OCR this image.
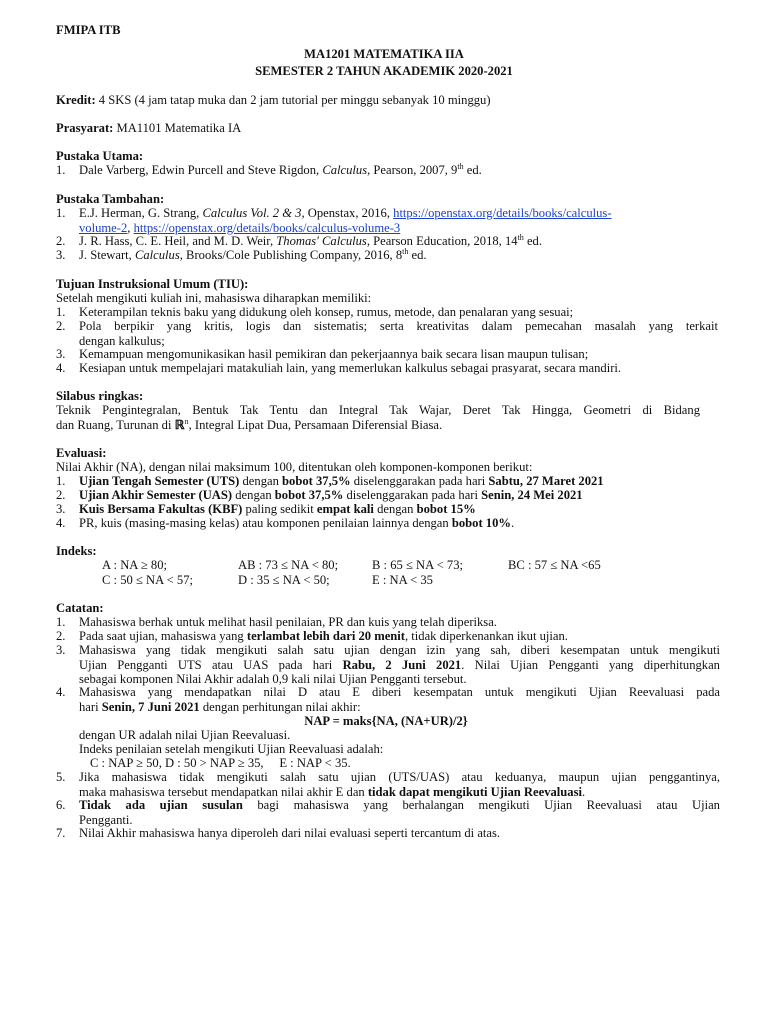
FMIPA ITB
MA1201 MATEMATIKA IIA
SEMESTER 2 TAHUN AKADEMIK 2020-2021
Kredit: 4 SKS (4 jam tatap muka dan 2 jam tutorial per minggu sebanyak 10 minggu)
Prasyarat: MA1101 Matematika IA
Pustaka Utama:
1.	Dale Varberg, Edwin Purcell and Steve Rigdon, Calculus, Pearson, 2007, 9th ed.
Pustaka Tambahan:
1.	E.J. Herman, G. Strang, Calculus Vol. 2 & 3, Openstax, 2016, https://openstax.org/details/books/calculus-
volume-2, https://openstax.org/details/books/calculus-volume-3
2.	J. R. Hass, C. E. Heil, and M. D. Weir, Thomas' Calculus, Pearson Education, 2018, 14th ed.
3.	J. Stewart, Calculus, Brooks/Cole Publishing Company, 2016, 8th ed.
Tujuan Instruksional Umum (TIU):
Setelah mengikuti kuliah ini, mahasiswa diharapkan memiliki:
1.	Keterampilan teknis baku yang didukung oleh konsep, rumus, metode, dan penalaran yang sesuai;
2.	Pola berpikir yang kritis, logis dan sistematis; serta kreativitas dalam pemecahan masalah yang terkait
dengan kalkulus;
3.	Kemampuan mengomunikasikan hasil pemikiran dan pekerjaannya baik secara lisan maupun tulisan;
4.	Kesiapan untuk mempelajari matakuliah lain, yang memerlukan kalkulus sebagai prasyarat, secara mandiri.
Silabus ringkas:
Teknik Pengintegralan, Bentuk Tak Tentu dan Integral Tak Wajar, Deret Tak Hingga, Geometri di Bidang
dan Ruang, Turunan di ℝ$^n$, Integral Lipat Dua, Persamaan Diferensial Biasa.
Evaluasi:
Nilai Akhir (NA), dengan nilai maksimum 100, ditentukan oleh komponen-komponen berikut:
1.	Ujian Tengah Semester (UTS) dengan bobot 37,5% diselenggarakan pada hari Sabtu, 27 Maret 2021
2.	Ujian Akhir Semester (UAS) dengan bobot 37,5% diselenggarakan pada hari Senin, 24 Mei 2021
3.	Kuis Bersama Fakultas (KBF) paling sedikit empat kali dengan bobot 15%
4.	PR, kuis (masing-masing kelas) atau komponen penilaian lainnya dengan bobot 10%.
Indeks:
A : NA ≥ 80;	AB : 73 ≤ NA < 80;	B : 65 ≤ NA < 73;	BC : 57 ≤ NA <65
C : 50 ≤ NA < 57;	D : 35 ≤ NA < 50;	E : NA < 35
Catatan:
1.	Mahasiswa berhak untuk melihat hasil penilaian, PR dan kuis yang telah diperiksa.
2.	Pada saat ujian, mahasiswa yang terlambat lebih dari 20 menit, tidak diperkenankan ikut ujian.
3.	Mahasiswa yang tidak mengikuti salah satu ujian dengan izin yang sah, diberi kesempatan untuk mengikuti
Ujian Pengganti UTS atau UAS pada hari Rabu, 2 Juni 2021. Nilai Ujian Pengganti yang diperhitungkan
sebagai komponen Nilai Akhir adalah 0,9 kali nilai Ujian Pengganti tersebut.
4.	Mahasiswa yang mendapatkan nilai D atau E diberi kesempatan untuk mengikuti Ujian Reevaluasi pada
hari Senin, 7 Juni 2021 dengan perhitungan nilai akhir:
NAP = maks{NA, (NA+UR)/2}
dengan UR adalah nilai Ujian Reevaluasi.
Indeks penilaian setelah mengikuti Ujian Reevaluasi adalah:
C : NAP ≥ 50, D : 50 > NAP ≥ 35,     E : NAP < 35.
5.	Jika mahasiswa tidak mengikuti salah satu ujian (UTS/UAS) atau keduanya, maupun ujian penggantinya,
maka mahasiswa tersebut mendapatkan nilai akhir E dan tidak dapat mengikuti Ujian Reevaluasi.
6.	Tidak ada ujian susulan bagi mahasiswa yang berhalangan mengikuti Ujian Reevaluasi atau Ujian
Pengganti.
7.	Nilai Akhir mahasiswa hanya diperoleh dari nilai evaluasi seperti tercantum di atas.
